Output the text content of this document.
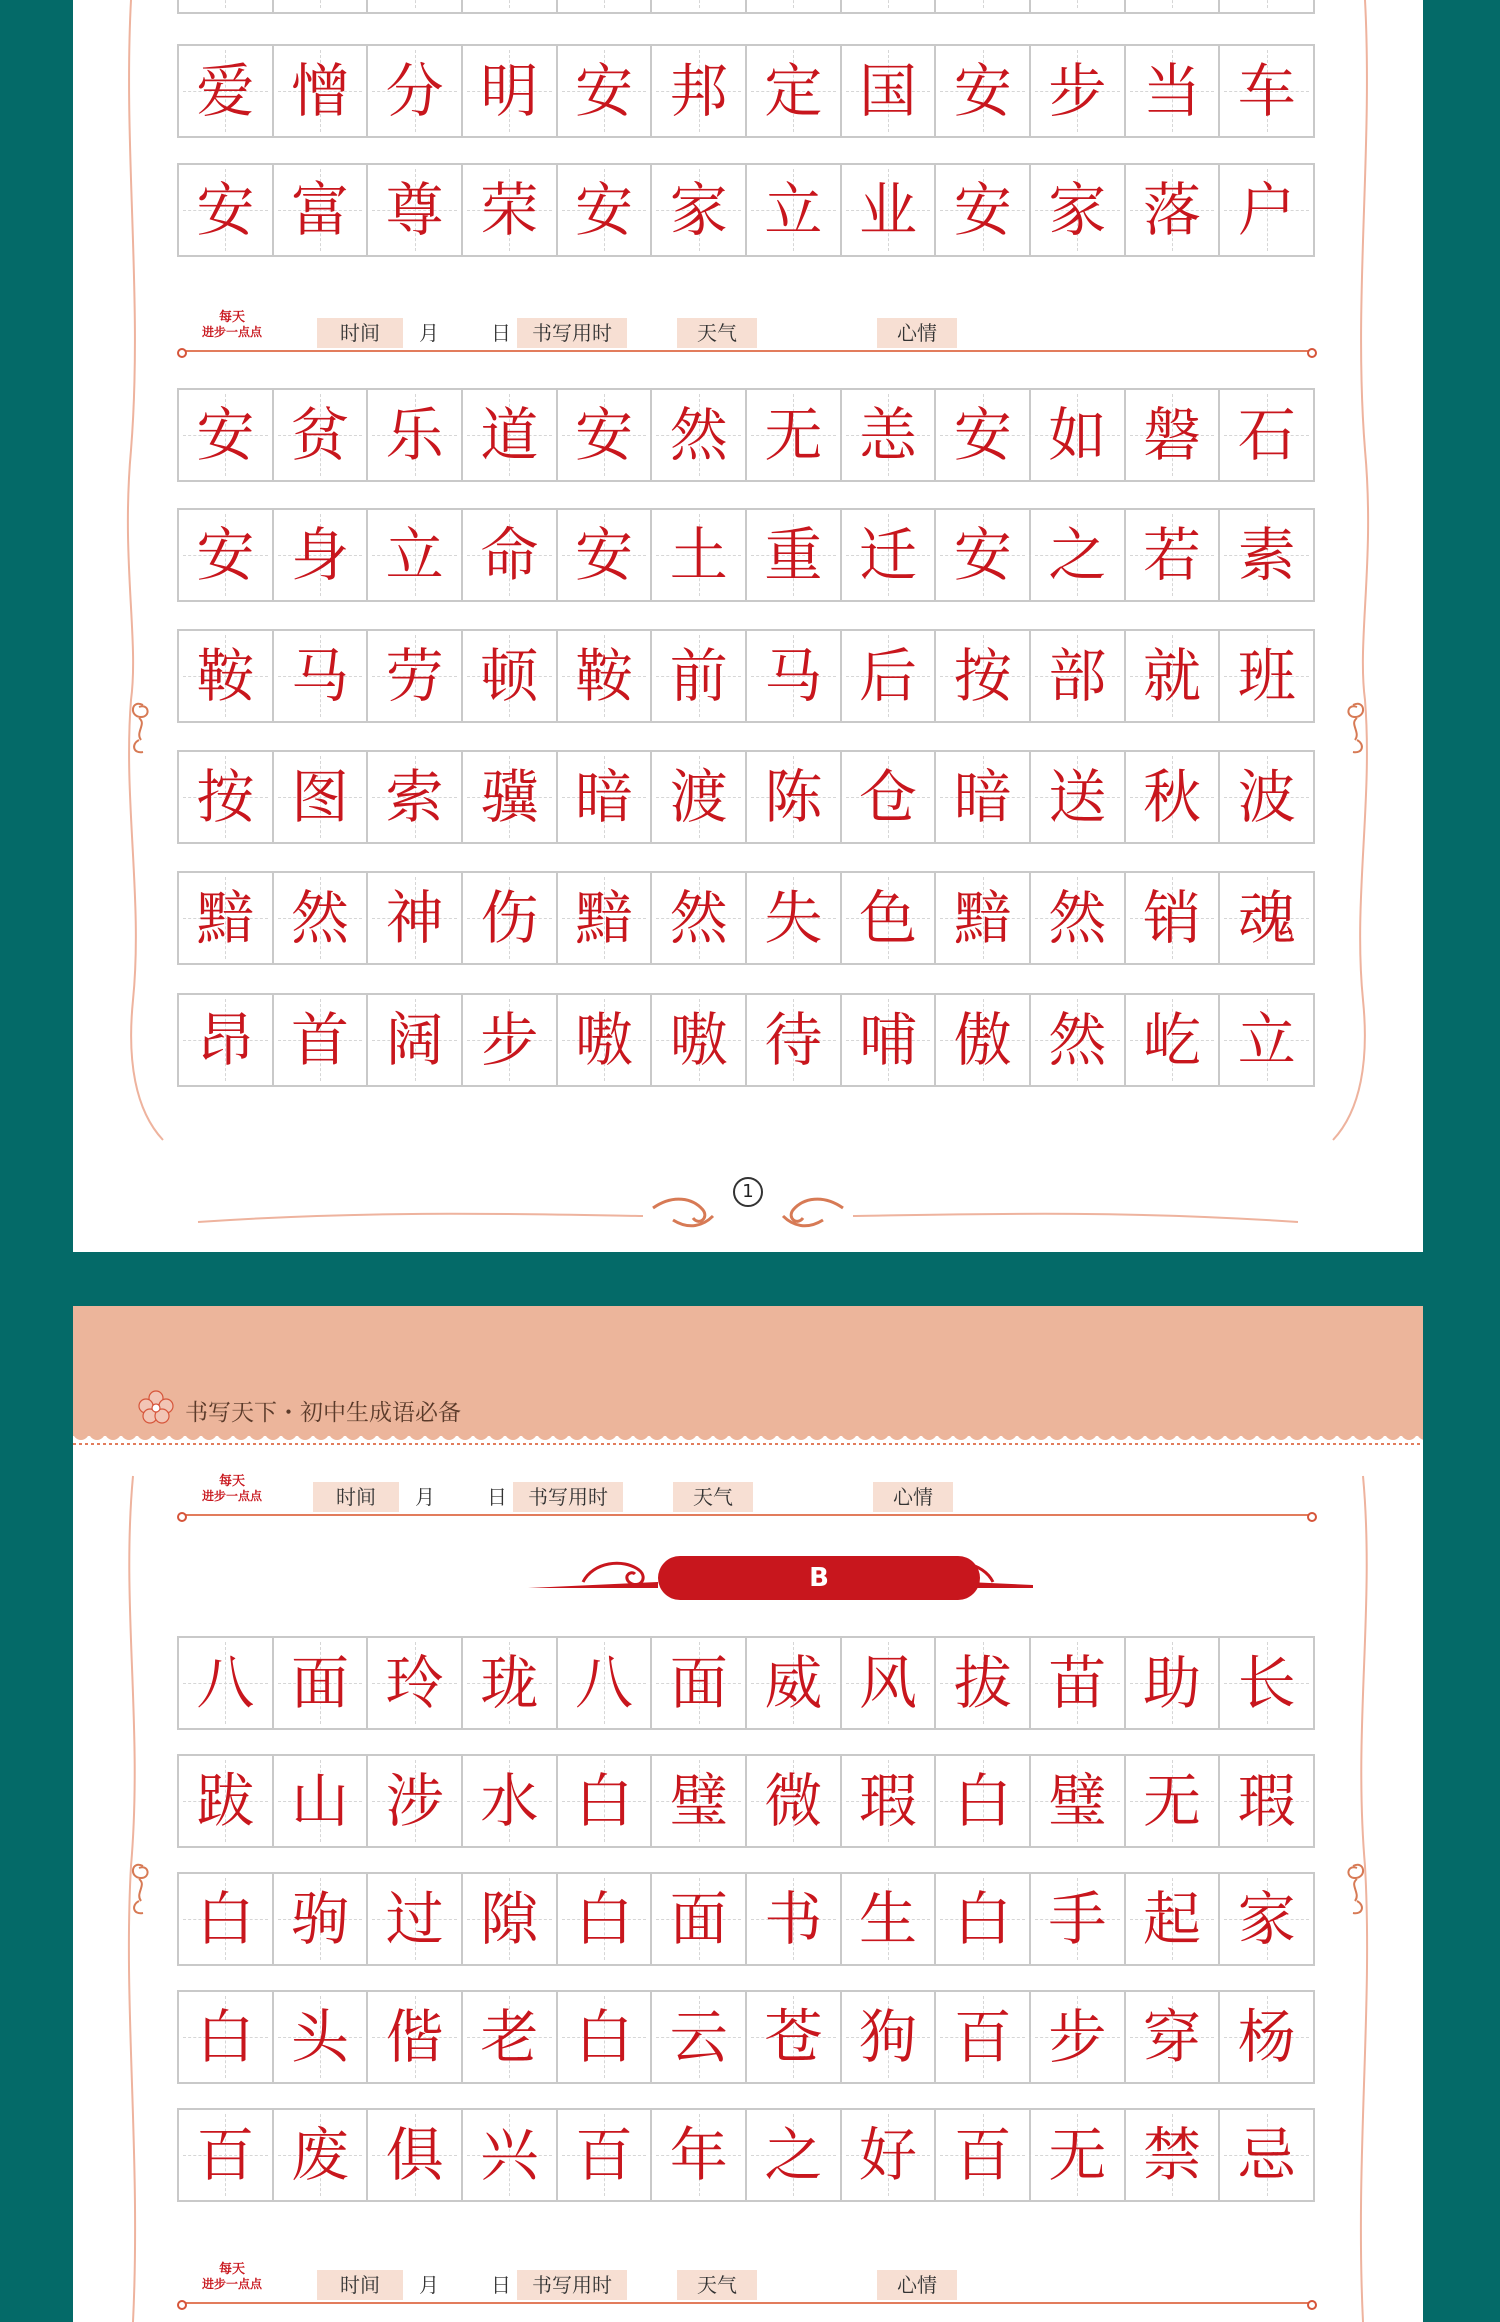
爱 憎 分 明 安 邦 定 国 安 步 当 车
安 富 尊 荣 安 家 立 业 安 家 落 户
每天
进步一点点	时间	月	日	书写用时	天气	心情
安 贫 乐 道 安 然 无 恙 安 如 磐 石
安 身 立 命 安 土 重 迁 安 之 若 素
鞍 马 劳 顿 鞍 前 马 后 按 部 就 班
按 图 索 骥 暗 渡 陈 仓 暗 送 秋 波
黯 然 神 伤 黯 然 失 色 黯 然 销 魂
昂 首 阔 步 嗷 嗷 待 哺 傲 然 屹 立
1
书写天下・初中生成语必备
每天
进步一点点	时间	月	日	书写用时	天气	心情
B
八 面 玲 珑 八 面 威 风 拔 苗 助 长
跋 山 涉 水 白 璧 微 瑕 白 璧 无 瑕
白 驹 过 隙 白 面 书 生 白 手 起 家
白 头 偕 老 白 云 苍 狗 百 步 穿 杨
百 废 俱 兴 百 年 之 好 百 无 禁 忌
每天
进步一点点	时间	月	日	书写用时	天气	心情
